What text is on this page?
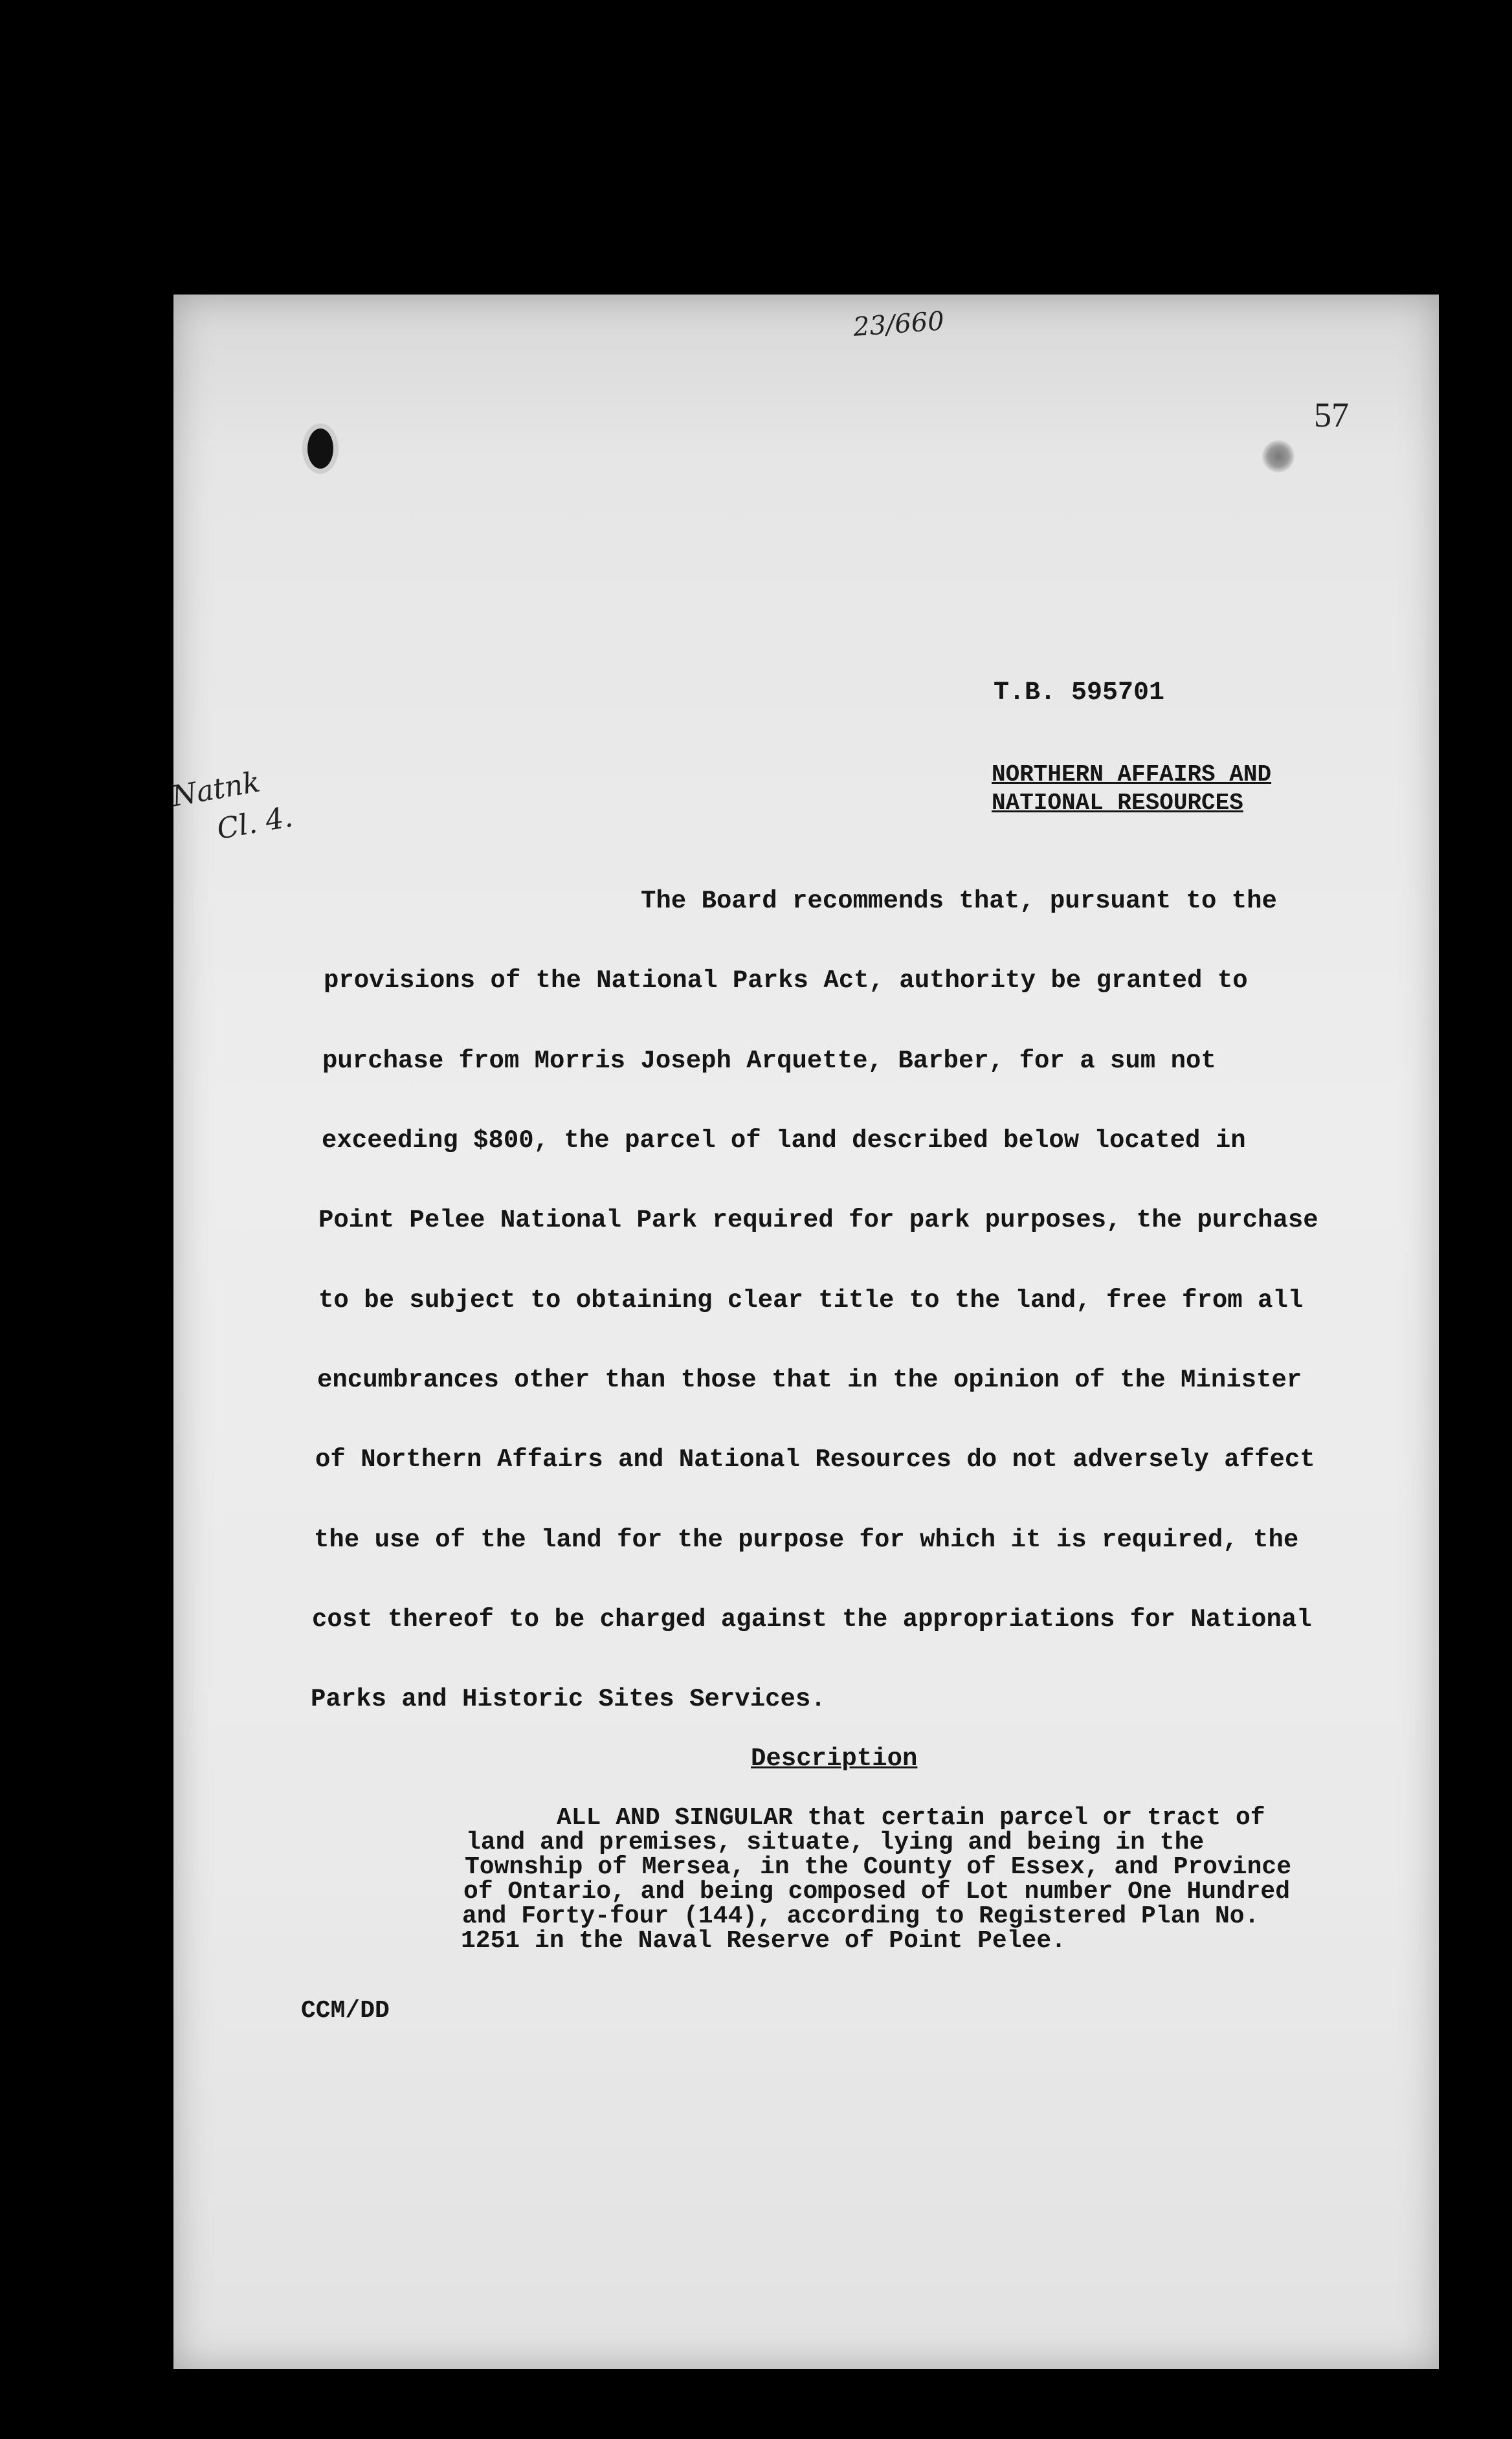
23/660
Natnk
Cl. 4.
57
T.B. 595701
NORTHERN AFFAIRS AND
NATIONAL RESOURCES
The Board recommends that, pursuant to the
provisions of the National Parks Act, authority be granted to
purchase from Morris Joseph Arquette, Barber, for a sum not
exceeding $800, the parcel of land described below located in
Point Pelee National Park required for park purposes, the purchase
to be subject to obtaining clear title to the land, free from all
encumbrances other than those that in the opinion of the Minister
of Northern Affairs and National Resources do not adversely affect
the use of the land for the purpose for which it is required, the
cost thereof to be charged against the appropriations for National
Parks and Historic Sites Services.
Description
ALL AND SINGULAR that certain parcel or tract of
land and premises, situate, lying and being in the
Township of Mersea, in the County of Essex, and Province
of Ontario, and being composed of Lot number One Hundred
and Forty-four (144), according to Registered Plan No.
1251 in the Naval Reserve of Point Pelee.
CCM/DD
